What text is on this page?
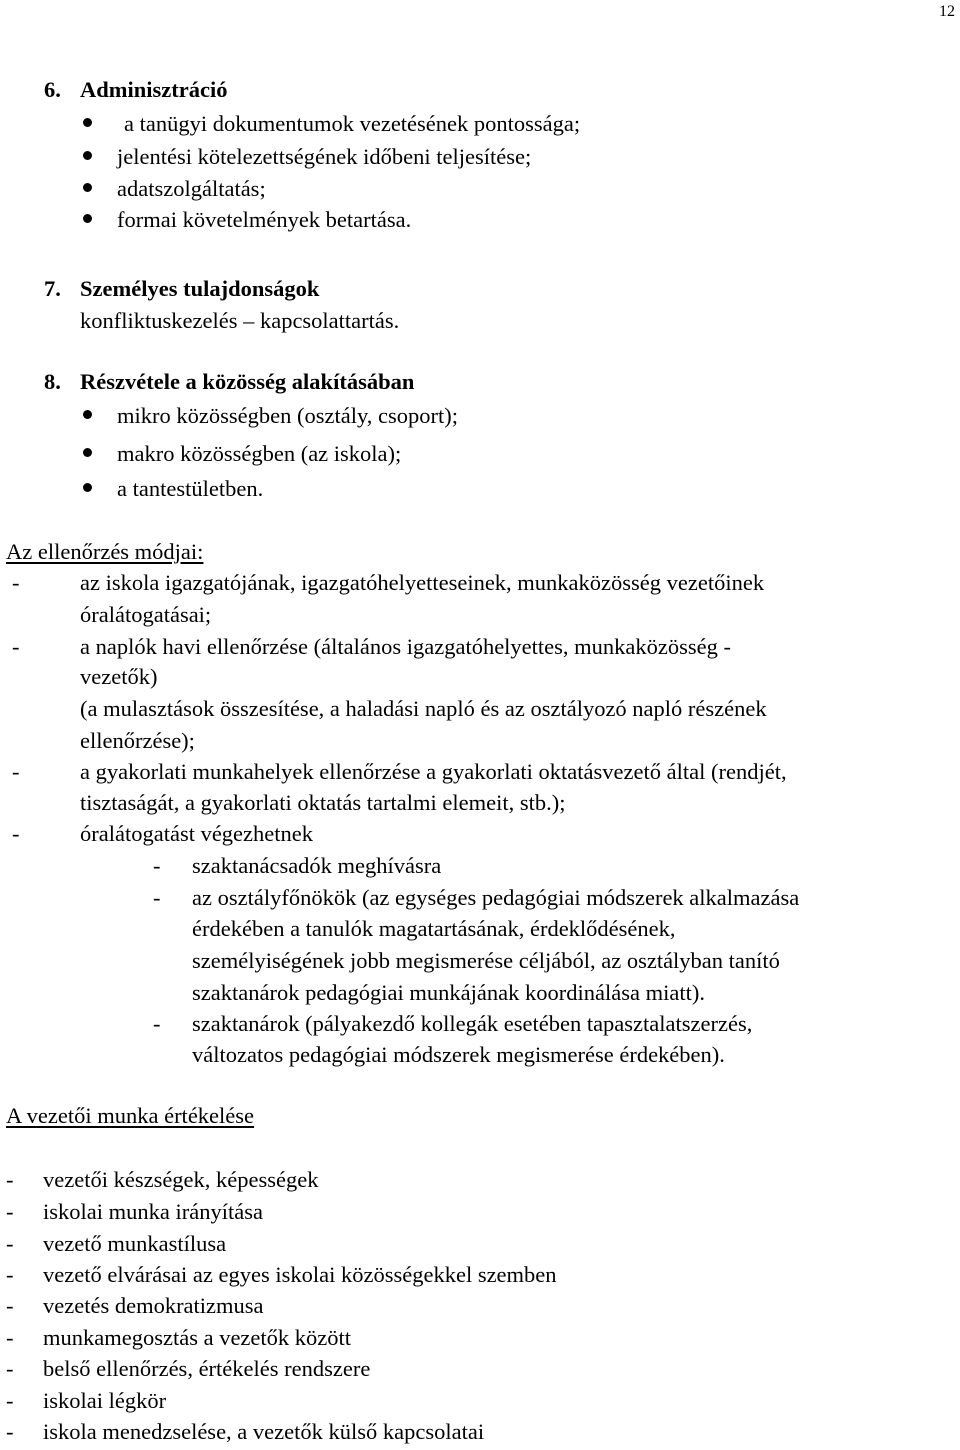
12
6. Adminisztráció
a tanügyi dokumentumok vezetésének pontossága;
jelentési kötelezettségének időbeni teljesítése;
adatszolgáltatás;
formai követelmények betartása.
7. Személyes tulajdonságok
konfliktuskezelés – kapcsolattartás.
8. Részvétele a közösség alakításában
mikro közösségben (osztály, csoport);
makro közösségben (az iskola);
a tantestületben.
Az ellenőrzés módjai:
-	az iskola igazgatójának, igazgatóhelyetteseinek, munkaközösség vezetőinek
óralátogatásai;
-	a naplók havi ellenőrzése (általános igazgatóhelyettes, munkaközösség -
vezetők)
(a mulasztások összesítése, a haladási napló és az osztályozó napló részének
ellenőrzése);
-	a gyakorlati munkahelyek ellenőrzése a gyakorlati oktatásvezető által (rendjét,
tisztaságát, a gyakorlati oktatás tartalmi elemeit, stb.);
-	óralátogatást végezhetnek
- szaktanácsadók meghívásra
- az osztályfőnökök (az egységes pedagógiai módszerek alkalmazása
érdekében a tanulók magatartásának, érdeklődésének,
személyiségének jobb megismerése céljából, az osztályban tanító
szaktanárok pedagógiai munkájának koordinálása miatt).
- szaktanárok (pályakezdő kollegák esetében tapasztalatszerzés,
változatos pedagógiai módszerek megismerése érdekében).
A vezetői munka értékelése
- vezetői készségek, képességek
- iskolai munka irányítása
- vezető munkastílusa
- vezető elvárásai az egyes iskolai közösségekkel szemben
- vezetés demokratizmusa
- munkamegosztás a vezetők között
- belső ellenőrzés, értékelés rendszere
- iskolai légkör
- iskola menedzselése, a vezetők külső kapcsolatai
